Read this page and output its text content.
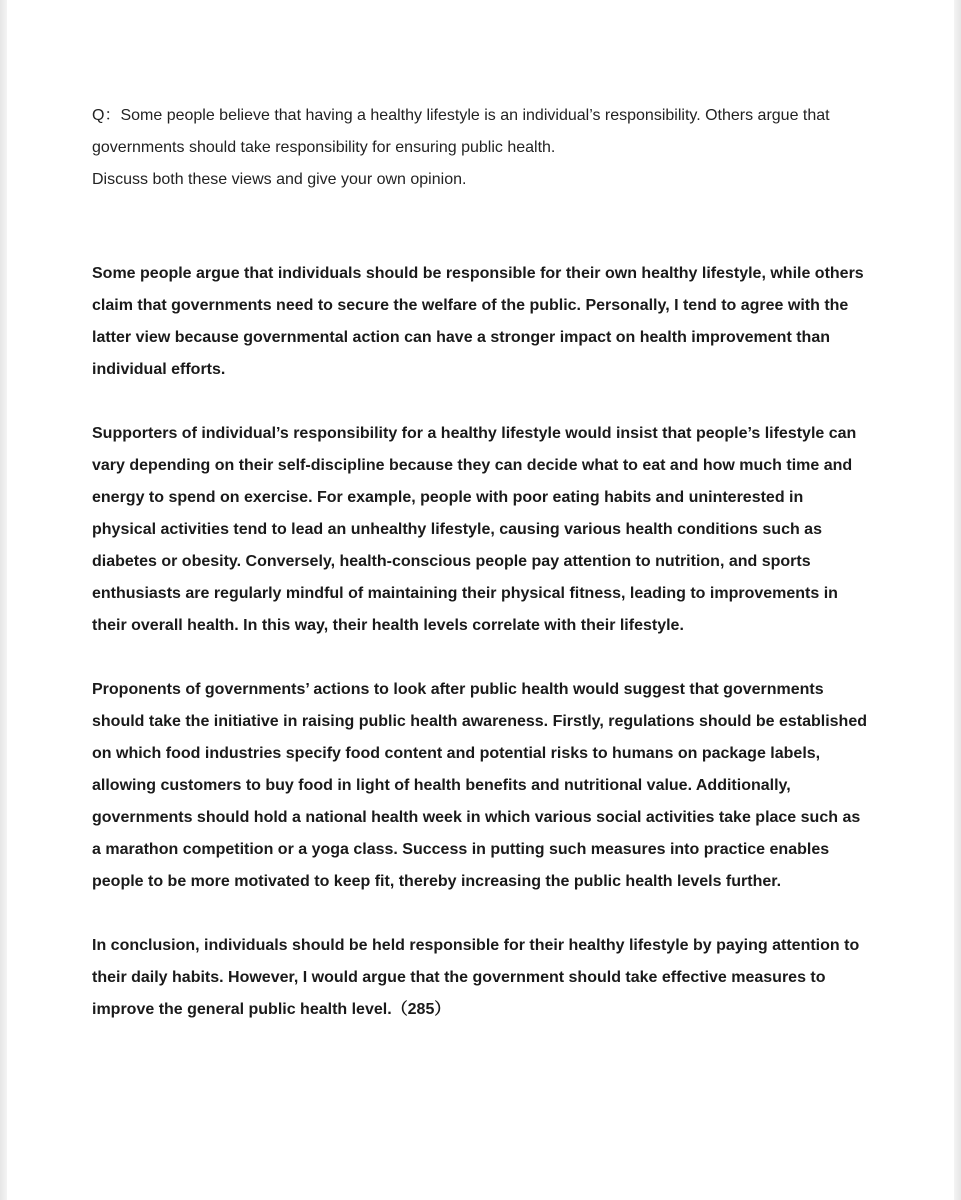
Q：Some people believe that having a healthy lifestyle is an individual’s responsibility. Others argue that

governments should take responsibility for ensuring public health.

Discuss both these views and give your own opinion.

Some people argue that individuals should be responsible for their own healthy lifestyle, while others claim that governments need to secure the welfare of the public. Personally, I tend to agree with the latter view because governmental action can have a stronger impact on health improvement than individual efforts.

Supporters of individual’s responsibility for a healthy lifestyle would insist that people’s lifestyle can vary depending on their self-discipline because they can decide what to eat and how much time and energy to spend on exercise. For example, people with poor eating habits and uninterested in physical activities tend to lead an unhealthy lifestyle, causing various health conditions such as diabetes or obesity. Conversely, health-conscious people pay attention to nutrition, and sports enthusiasts are regularly mindful of maintaining their physical fitness, leading to improvements in their overall health. In this way, their health levels correlate with their lifestyle.

Proponents of governments’ actions to look after public health would suggest that governments should take the initiative in raising public health awareness. Firstly, regulations should be established on which food industries specify food content and potential risks to humans on package labels, allowing customers to buy food in light of health benefits and nutritional value. Additionally, governments should hold a national health week in which various social activities take place such as a marathon competition or a yoga class. Success in putting such measures into practice enables people to be more motivated to keep fit, thereby increasing the public health levels further.

In conclusion, individuals should be held responsible for their healthy lifestyle by paying attention to their daily habits. However, I would argue that the government should take effective measures to improve the general public health level.（285）
